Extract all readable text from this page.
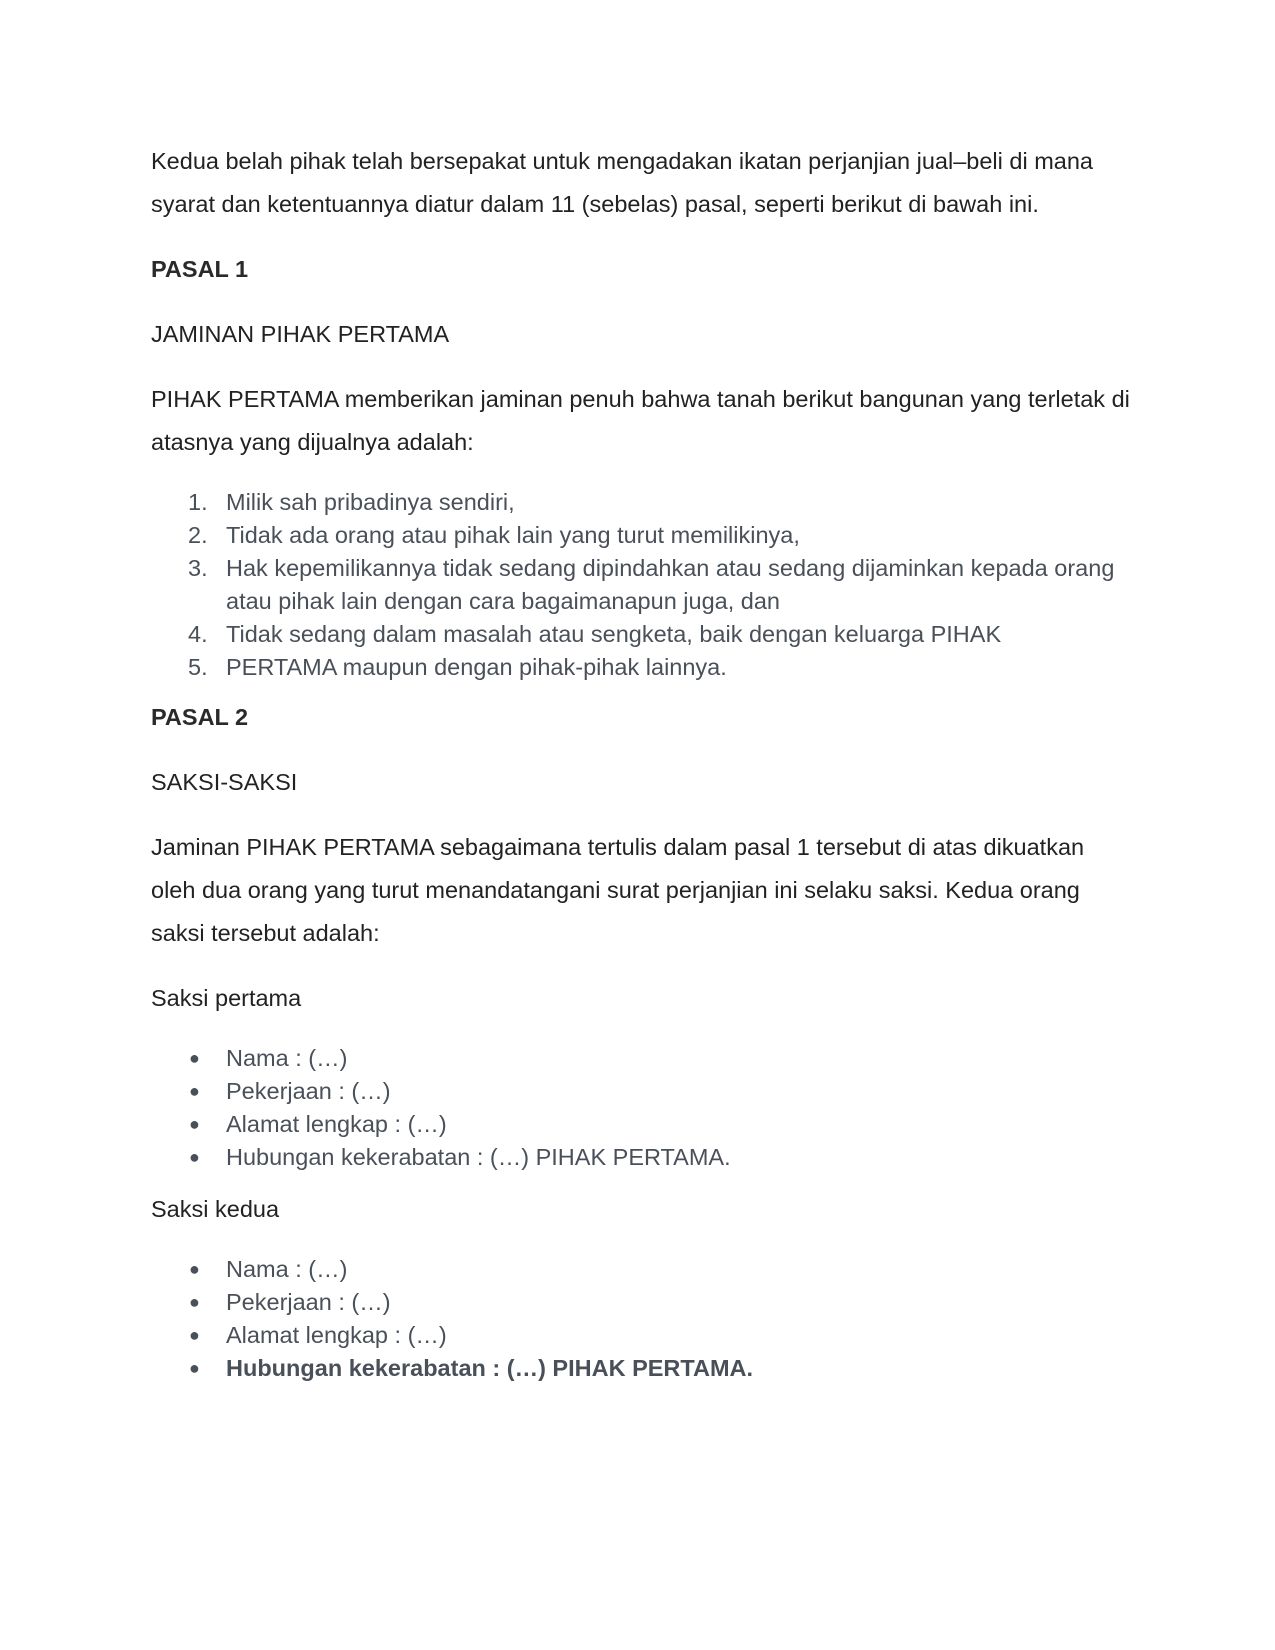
Kedua belah pihak telah bersepakat untuk mengadakan ikatan perjanjian jual–beli di mana syarat dan ketentuannya diatur dalam 11 (sebelas) pasal, seperti berikut di bawah ini.

PASAL 1

JAMINAN PIHAK PERTAMA

PIHAK PERTAMA memberikan jaminan penuh bahwa tanah berikut bangunan yang terletak di atasnya yang dijualnya adalah:

1. Milik sah pribadinya sendiri,
2. Tidak ada orang atau pihak lain yang turut memilikinya,
3. Hak kepemilikannya tidak sedang dipindahkan atau sedang dijaminkan kepada orang atau pihak lain dengan cara bagaimanapun juga, dan
4. Tidak sedang dalam masalah atau sengketa, baik dengan keluarga PIHAK
5. PERTAMA maupun dengan pihak-pihak lainnya.

PASAL 2

SAKSI-SAKSI

Jaminan PIHAK PERTAMA sebagaimana tertulis dalam pasal 1 tersebut di atas dikuatkan oleh dua orang yang turut menandatangani surat perjanjian ini selaku saksi. Kedua orang saksi tersebut adalah:

Saksi pertama

● Nama : (…)
● Pekerjaan : (…)
● Alamat lengkap : (…)
● Hubungan kekerabatan : (…) PIHAK PERTAMA.

Saksi kedua

● Nama : (…)
● Pekerjaan : (…)
● Alamat lengkap : (…)
● Hubungan kekerabatan : (…) PIHAK PERTAMA.
